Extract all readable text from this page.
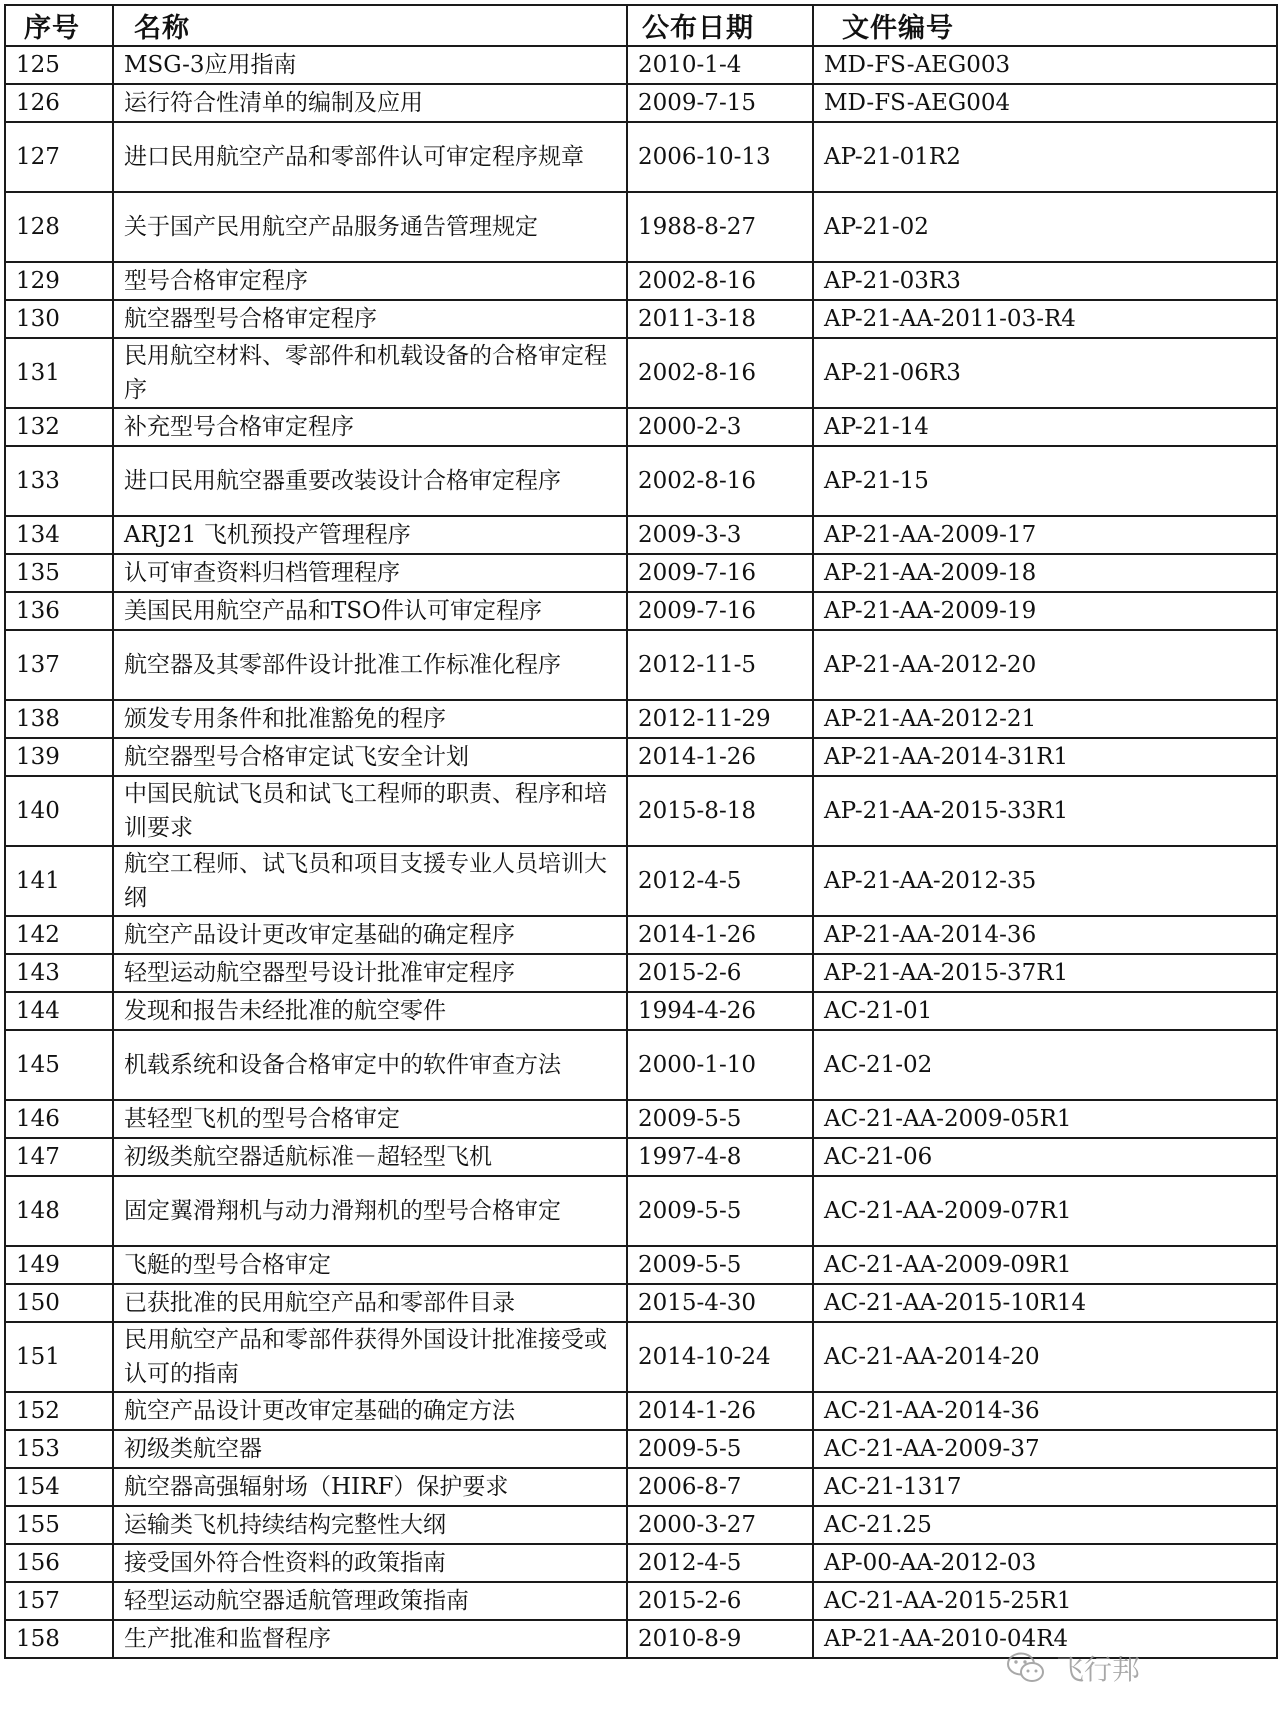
序号	名称	公布日期	文件编号
125	MSG-3应用指南	2010-1-4	MD-FS-AEG003
126	运行符合性清单的编制及应用	2009-7-15	MD-FS-AEG004
127	进口民用航空产品和零部件认可审定程序规章	2006-10-13	AP-21-01R2
128	关于国产民用航空产品服务通告管理规定	1988-8-27	AP-21-02
129	型号合格审定程序	2002-8-16	AP-21-03R3
130	航空器型号合格审定程序	2011-3-18	AP-21-AA-2011-03-R4
131	民用航空材料、零部件和机载设备的合格审定程序	2002-8-16	AP-21-06R3
132	补充型号合格审定程序	2000-2-3	AP-21-14
133	进口民用航空器重要改装设计合格审定程序	2002-8-16	AP-21-15
134	ARJ21 飞机预投产管理程序	2009-3-3	AP-21-AA-2009-17
135	认可审查资料归档管理程序	2009-7-16	AP-21-AA-2009-18
136	美国民用航空产品和TSO件认可审定程序	2009-7-16	AP-21-AA-2009-19
137	航空器及其零部件设计批准工作标准化程序	2012-11-5	AP-21-AA-2012-20
138	颁发专用条件和批准豁免的程序	2012-11-29	AP-21-AA-2012-21
139	航空器型号合格审定试飞安全计划	2014-1-26	AP-21-AA-2014-31R1
140	中国民航试飞员和试飞工程师的职责、程序和培训要求	2015-8-18	AP-21-AA-2015-33R1
141	航空工程师、试飞员和项目支援专业人员培训大纲	2012-4-5	AP-21-AA-2012-35
142	航空产品设计更改审定基础的确定程序	2014-1-26	AP-21-AA-2014-36
143	轻型运动航空器型号设计批准审定程序	2015-2-6	AP-21-AA-2015-37R1
144	发现和报告未经批准的航空零件	1994-4-26	AC-21-01
145	机载系统和设备合格审定中的软件审查方法	2000-1-10	AC-21-02
146	甚轻型飞机的型号合格审定	2009-5-5	AC-21-AA-2009-05R1
147	初级类航空器适航标准－超轻型飞机	1997-4-8	AC-21-06
148	固定翼滑翔机与动力滑翔机的型号合格审定	2009-5-5	AC-21-AA-2009-07R1
149	飞艇的型号合格审定	2009-5-5	AC-21-AA-2009-09R1
150	已获批准的民用航空产品和零部件目录	2015-4-30	AC-21-AA-2015-10R14
151	民用航空产品和零部件获得外国设计批准接受或认可的指南	2014-10-24	AC-21-AA-2014-20
152	航空产品设计更改审定基础的确定方法	2014-1-26	AC-21-AA-2014-36
153	初级类航空器	2009-5-5	AC-21-AA-2009-37
154	航空器高强辐射场（HIRF）保护要求	2006-8-7	AC-21-1317
155	运输类飞机持续结构完整性大纲	2000-3-27	AC-21.25
156	接受国外符合性资料的政策指南	2012-4-5	AP-00-AA-2012-03
157	轻型运动航空器适航管理政策指南	2015-2-6	AC-21-AA-2015-25R1
158	生产批准和监督程序	2010-8-9	AP-21-AA-2010-04R4
飞行邦
